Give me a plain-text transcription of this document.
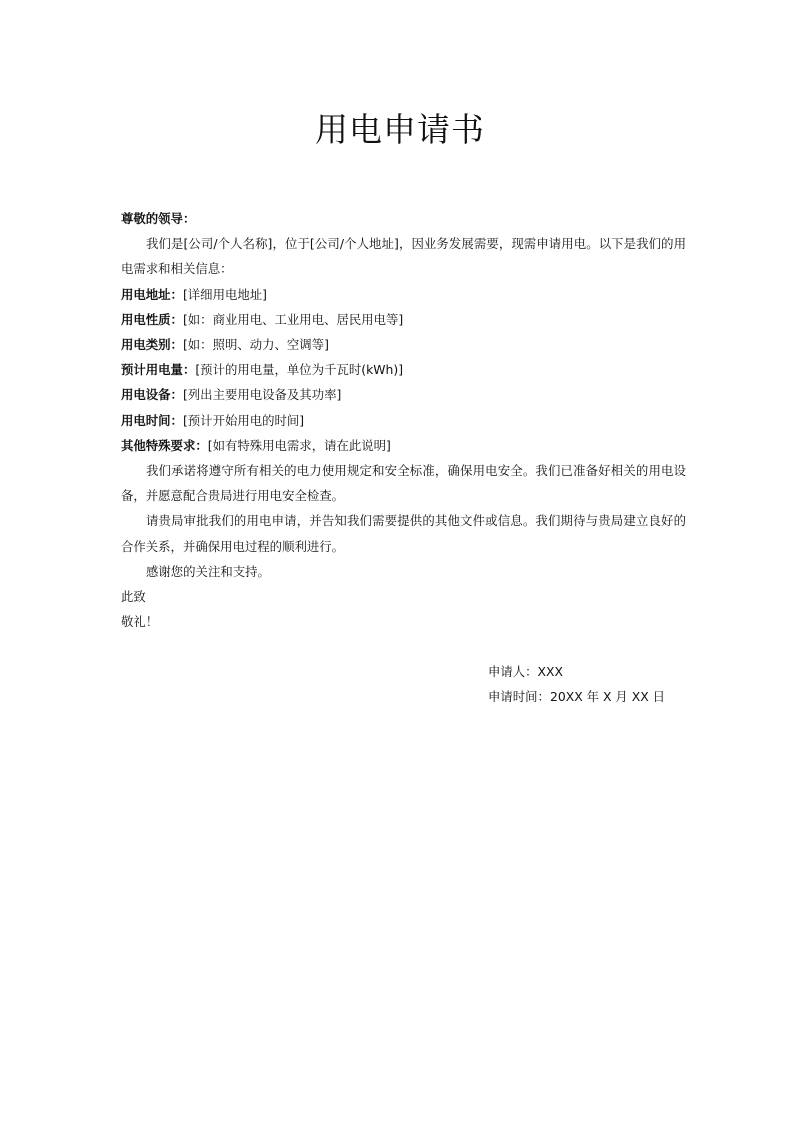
用电申请书

尊敬的领导：

我们是[公司/个人名称]，位于[公司/个人地址]，因业务发展需要，现需申请用电。以下是我们的用电需求和相关信息：

用电地址：[详细用电地址]

用电性质：[如：商业用电、工业用电、居民用电等]

用电类别：[如：照明、动力、空调等]

预计用电量：[预计的用电量，单位为千瓦时(kWh)]

用电设备：[列出主要用电设备及其功率]

用电时间：[预计开始用电的时间]

其他特殊要求：[如有特殊用电需求，请在此说明]

我们承诺将遵守所有相关的电力使用规定和安全标准，确保用电安全。我们已准备好相关的用电设备，并愿意配合贵局进行用电安全检查。

请贵局审批我们的用电申请，并告知我们需要提供的其他文件或信息。我们期待与贵局建立良好的合作关系，并确保用电过程的顺利进行。

感谢您的关注和支持。

此致

敬礼！

申请人：XXX

申请时间：20XX 年 X 月 XX 日
